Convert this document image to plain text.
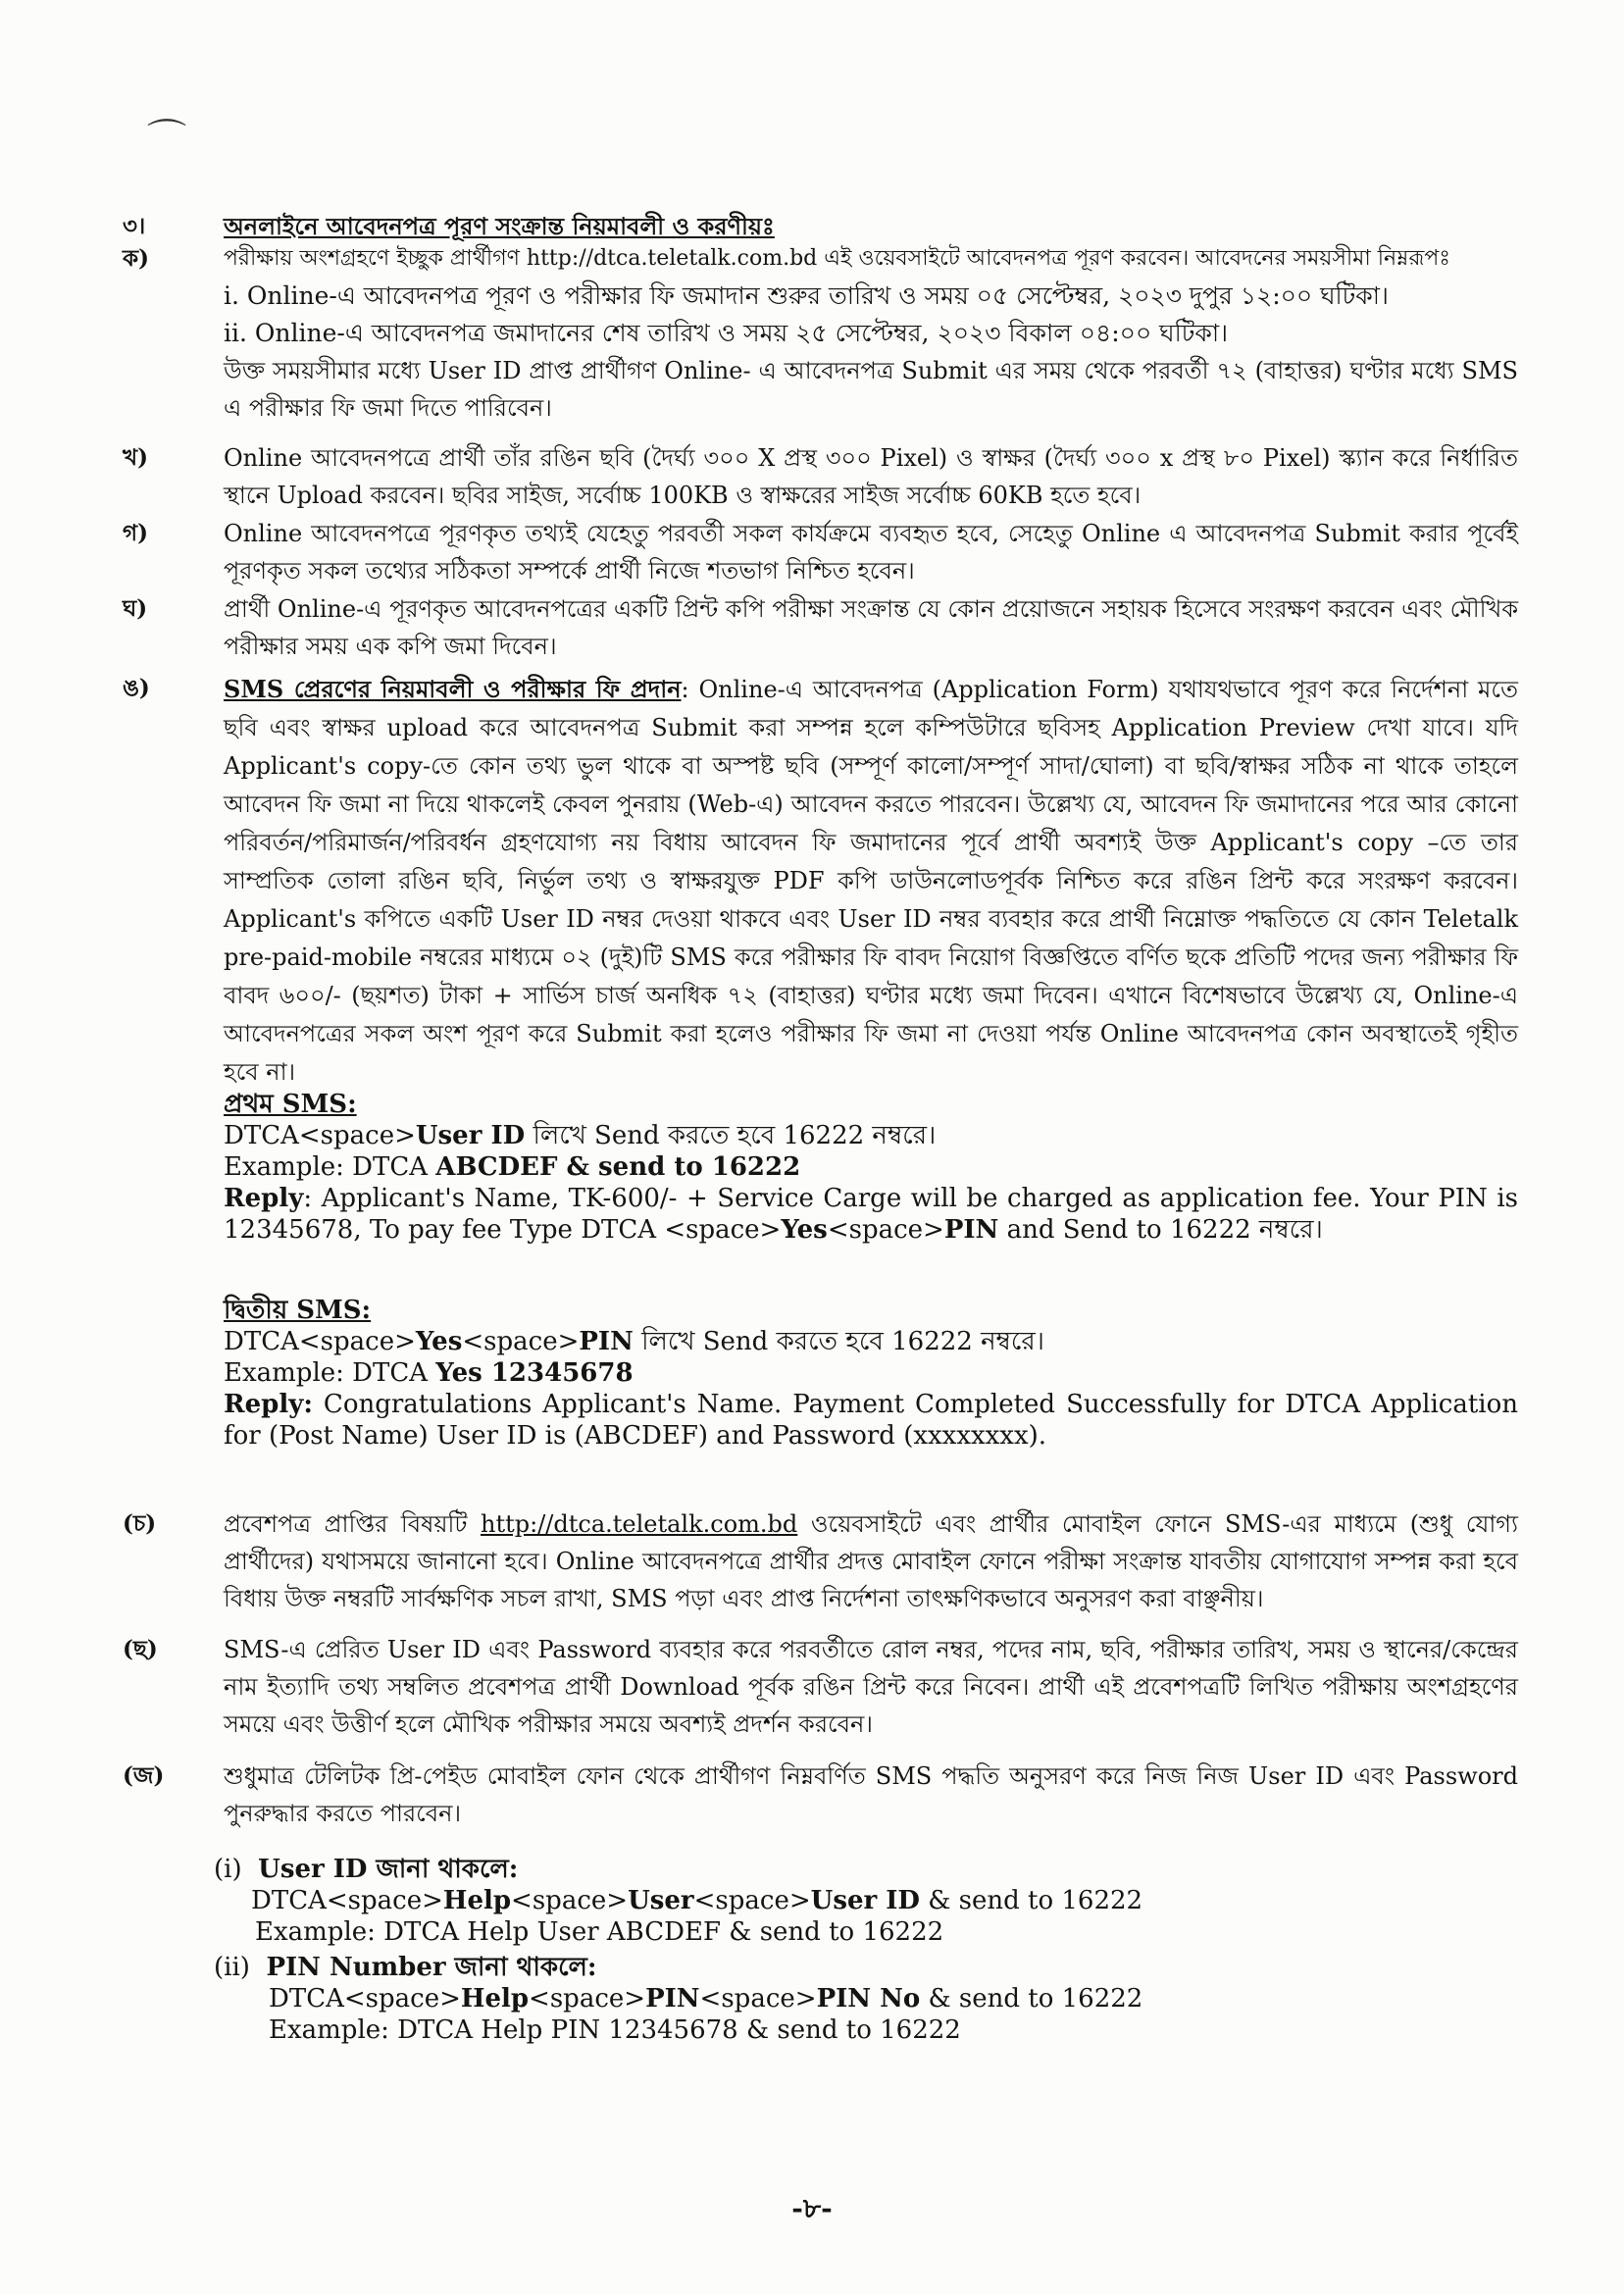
⌒
৩।	অনলাইনে আবেদনপত্র পূরণ সংক্রান্ত নিয়মাবলী ও করণীয়ঃ

ক)	পরীক্ষায় অংশগ্রহণে ইচ্ছুক প্রার্থীগণ http://dtca.teletalk.com.bd এই ওয়েবসাইটে আবেদনপত্র পূরণ করবেন। আবেদনের সময়সীমা নিম্নরূপঃ

i. Online-এ আবেদনপত্র পূরণ ও পরীক্ষার ফি জমাদান শুরুর তারিখ ও সময় ০৫ সেপ্টেম্বর, ২০২৩ দুপুর ১২:০০ ঘটিকা।

ii. Online-এ আবেদনপত্র জমাদানের শেষ তারিখ ও সময় ২৫ সেপ্টেম্বর, ২০২৩ বিকাল ০৪:০০ ঘটিকা।

উক্ত সময়সীমার মধ্যে User ID প্রাপ্ত প্রার্থীগণ Online- এ আবেদনপত্র Submit এর সময় থেকে পরবর্তী ৭২ (বাহাত্তর) ঘণ্টার মধ্যে SMS এ পরীক্ষার ফি জমা দিতে পারিবেন।

খ)	Online আবেদনপত্রে প্রার্থী তাঁর রঙিন ছবি (দৈর্ঘ্য ৩০০ X প্রস্থ ৩০০ Pixel) ও স্বাক্ষর (দৈর্ঘ্য ৩০০ x প্রস্থ ৮০ Pixel) স্ক্যান করে নির্ধারিত স্থানে Upload করবেন। ছবির সাইজ, সর্বোচ্চ 100KB ও স্বাক্ষরের সাইজ সর্বোচ্চ 60KB হতে হবে।

গ)	Online আবেদনপত্রে পূরণকৃত তথ্যই যেহেতু পরবর্তী সকল কার্যক্রমে ব্যবহৃত হবে, সেহেতু Online এ আবেদনপত্র Submit করার পূর্বেই পূরণকৃত সকল তথ্যের সঠিকতা সম্পর্কে প্রার্থী নিজে শতভাগ নিশ্চিত হবেন।

ঘ)	প্রার্থী Online-এ পূরণকৃত আবেদনপত্রের একটি প্রিন্ট কপি পরীক্ষা সংক্রান্ত যে কোন প্রয়োজনে সহায়ক হিসেবে সংরক্ষণ করবেন এবং মৌখিক পরীক্ষার সময় এক কপি জমা দিবেন।

ঙ)	SMS প্রেরণের নিয়মাবলী ও পরীক্ষার ফি প্রদান: Online-এ আবেদনপত্র (Application Form) যথাযথভাবে পূরণ করে নির্দেশনা মতে ছবি এবং স্বাক্ষর upload করে আবেদনপত্র Submit করা সম্পন্ন হলে কম্পিউটারে ছবিসহ Application Preview দেখা যাবে। যদি Applicant's copy-তে কোন তথ্য ভুল থাকে বা অস্পষ্ট ছবি (সম্পূর্ণ কালো/সম্পূর্ণ সাদা/ঘোলা) বা ছবি/স্বাক্ষর সঠিক না থাকে তাহলে আবেদন ফি জমা না দিয়ে থাকলেই কেবল পুনরায় (Web-এ) আবেদন করতে পারবেন। উল্লেখ্য যে, আবেদন ফি জমাদানের পরে আর কোনো পরিবর্তন/পরিমার্জন/পরিবর্ধন গ্রহণযোগ্য নয় বিধায় আবেদন ফি জমাদানের পূর্বে প্রার্থী অবশ্যই উক্ত Applicant's copy –তে তার সাম্প্রতিক তোলা রঙিন ছবি, নির্ভুল তথ্য ও স্বাক্ষরযুক্ত PDF কপি ডাউনলোডপূর্বক নিশ্চিত করে রঙিন প্রিন্ট করে সংরক্ষণ করবেন। Applicant's কপিতে একটি User ID নম্বর দেওয়া থাকবে এবং User ID নম্বর ব্যবহার করে প্রার্থী নিম্নোক্ত পদ্ধতিতে যে কোন Teletalk pre-paid-mobile নম্বরের মাধ্যমে ০২ (দুই)টি SMS করে পরীক্ষার ফি বাবদ নিয়োগ বিজ্ঞপ্তিতে বর্ণিত ছকে প্রতিটি পদের জন্য পরীক্ষার ফি বাবদ ৬০০/- (ছয়শত) টাকা + সার্ভিস চার্জ অনধিক ৭২ (বাহাত্তর) ঘণ্টার মধ্যে জমা দিবেন। এখানে বিশেষভাবে উল্লেখ্য যে, Online-এ আবেদনপত্রের সকল অংশ পূরণ করে Submit করা হলেও পরীক্ষার ফি জমা না দেওয়া পর্যন্ত Online আবেদনপত্র কোন অবস্থাতেই গৃহীত হবে না।

প্রথম SMS:

DTCA<space>User ID লিখে Send করতে হবে 16222 নম্বরে।

Example: DTCA ABCDEF & send to 16222

Reply: Applicant's Name, TK-600/- + Service Carge will be charged as application fee. Your PIN is 12345678, To pay fee Type DTCA <space>Yes<space>PIN and Send to 16222 নম্বরে।

দ্বিতীয় SMS:

DTCA<space>Yes<space>PIN লিখে Send করতে হবে 16222 নম্বরে।

Example: DTCA Yes 12345678

Reply: Congratulations Applicant's Name. Payment Completed Successfully for DTCA Application for (Post Name) User ID is (ABCDEF) and Password (xxxxxxxx).

(চ)	প্রবেশপত্র প্রাপ্তির বিষয়টি http://dtca.teletalk.com.bd ওয়েবসাইটে এবং প্রার্থীর মোবাইল ফোনে SMS-এর মাধ্যমে (শুধু যোগ্য প্রার্থীদের) যথাসময়ে জানানো হবে। Online আবেদনপত্রে প্রার্থীর প্রদত্ত মোবাইল ফোনে পরীক্ষা সংক্রান্ত যাবতীয় যোগাযোগ সম্পন্ন করা হবে বিধায় উক্ত নম্বরটি সার্বক্ষণিক সচল রাখা, SMS পড়া এবং প্রাপ্ত নির্দেশনা তাৎক্ষণিকভাবে অনুসরণ করা বাঞ্ছনীয়।

(ছ)	SMS-এ প্রেরিত User ID এবং Password ব্যবহার করে পরবর্তীতে রোল নম্বর, পদের নাম, ছবি, পরীক্ষার তারিখ, সময় ও স্থানের/কেন্দ্রের নাম ইত্যাদি তথ্য সম্বলিত প্রবেশপত্র প্রার্থী Download পূর্বক রঙিন প্রিন্ট করে নিবেন। প্রার্থী এই প্রবেশপত্রটি লিখিত পরীক্ষায় অংশগ্রহণের সময়ে এবং উত্তীর্ণ হলে মৌখিক পরীক্ষার সময়ে অবশ্যই প্রদর্শন করবেন।

(জ)	শুধুমাত্র টেলিটক প্রি-পেইড মোবাইল ফোন থেকে প্রার্থীগণ নিম্নবর্ণিত SMS পদ্ধতি অনুসরণ করে নিজ নিজ User ID এবং Password পুনরুদ্ধার করতে পারবেন।

(i) User ID জানা থাকলে:

DTCA<space>Help<space>User<space>User ID & send to 16222

Example: DTCA Help User ABCDEF & send to 16222

(ii) PIN Number জানা থাকলে:

DTCA<space>Help<space>PIN<space>PIN No & send to 16222

Example: DTCA Help PIN 12345678 & send to 16222

-৮-
